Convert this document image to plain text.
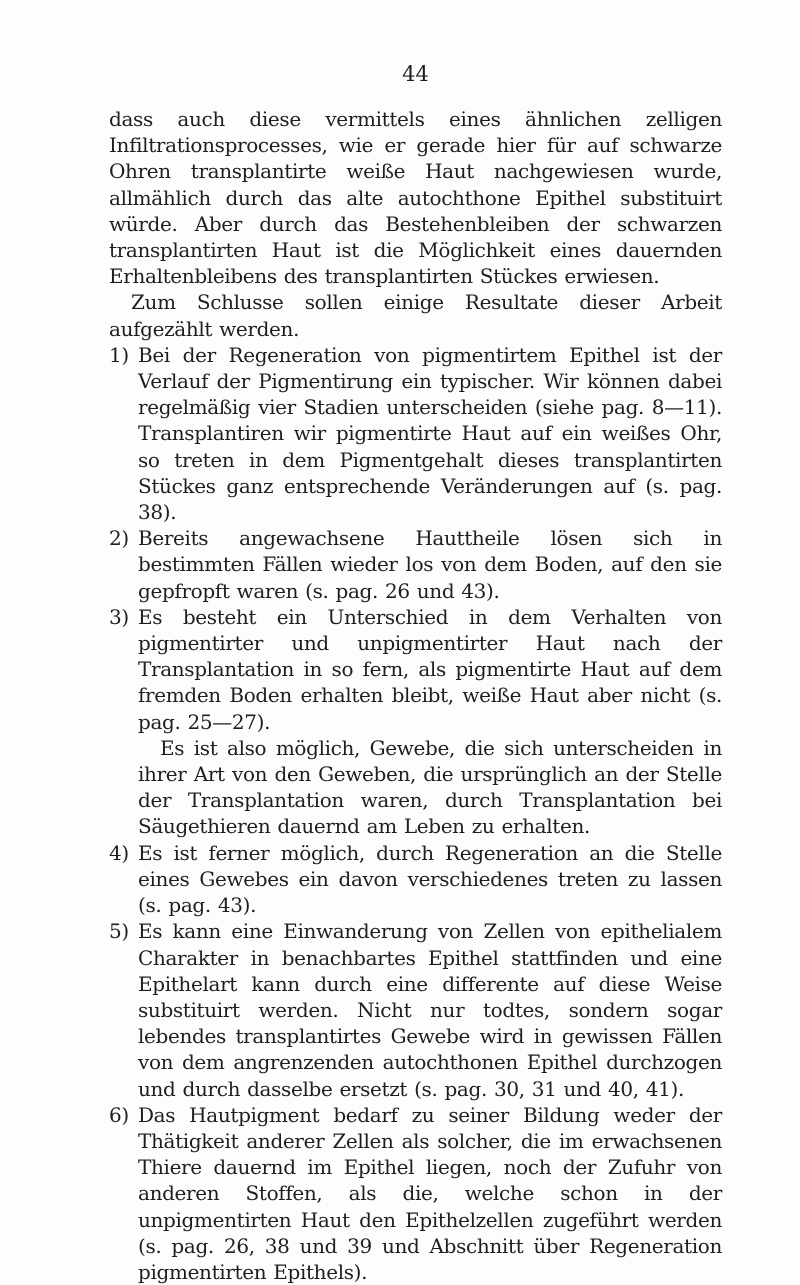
44

dass auch diese vermittels eines ähnlichen zelligen Infiltrationsprocesses, wie er gerade hier für auf schwarze Ohren transplantirte weiße Haut nachgewiesen wurde, allmählich durch das alte autochthone Epithel substituirt würde. Aber durch das Bestehenbleiben der schwarzen transplantirten Haut ist die Möglichkeit eines dauernden Erhaltenbleibens des transplantirten Stückes erwiesen.

Zum Schlusse sollen einige Resultate dieser Arbeit aufgezählt werden.

1) Bei der Regeneration von pigmentirtem Epithel ist der Verlauf der Pigmentirung ein typischer. Wir können dabei regelmäßig vier Stadien unterscheiden (siehe pag. 8—11). Transplantiren wir pigmentirte Haut auf ein weißes Ohr, so treten in dem Pigmentgehalt dieses transplantirten Stückes ganz entsprechende Veränderungen auf (s. pag. 38).

2) Bereits angewachsene Hauttheile lösen sich in bestimmten Fällen wieder los von dem Boden, auf den sie gepfropft waren (s. pag. 26 und 43).

3) Es besteht ein Unterschied in dem Verhalten von pigmentirter und unpigmentirter Haut nach der Transplantation in so fern, als pigmentirte Haut auf dem fremden Boden erhalten bleibt, weiße Haut aber nicht (s. pag. 25—27).

Es ist also möglich, Gewebe, die sich unterscheiden in ihrer Art von den Geweben, die ursprünglich an der Stelle der Transplantation waren, durch Transplantation bei Säugethieren dauernd am Leben zu erhalten.

4) Es ist ferner möglich, durch Regeneration an die Stelle eines Gewebes ein davon verschiedenes treten zu lassen (s. pag. 43).

5) Es kann eine Einwanderung von Zellen von epithelialem Charakter in benachbartes Epithel stattfinden und eine Epithelart kann durch eine differente auf diese Weise substituirt werden. Nicht nur todtes, sondern sogar lebendes transplantirtes Gewebe wird in gewissen Fällen von dem angrenzenden autochthonen Epithel durchzogen und durch dasselbe ersetzt (s. pag. 30, 31 und 40, 41).

6) Das Hautpigment bedarf zu seiner Bildung weder der Thätigkeit anderer Zellen als solcher, die im erwachsenen Thiere dauernd im Epithel liegen, noch der Zufuhr von anderen Stoffen, als die, welche schon in der unpigmentirten Haut den Epithelzellen zugeführt werden (s. pag. 26, 38 und 39 und Abschnitt über Regeneration pigmentirten Epithels).
